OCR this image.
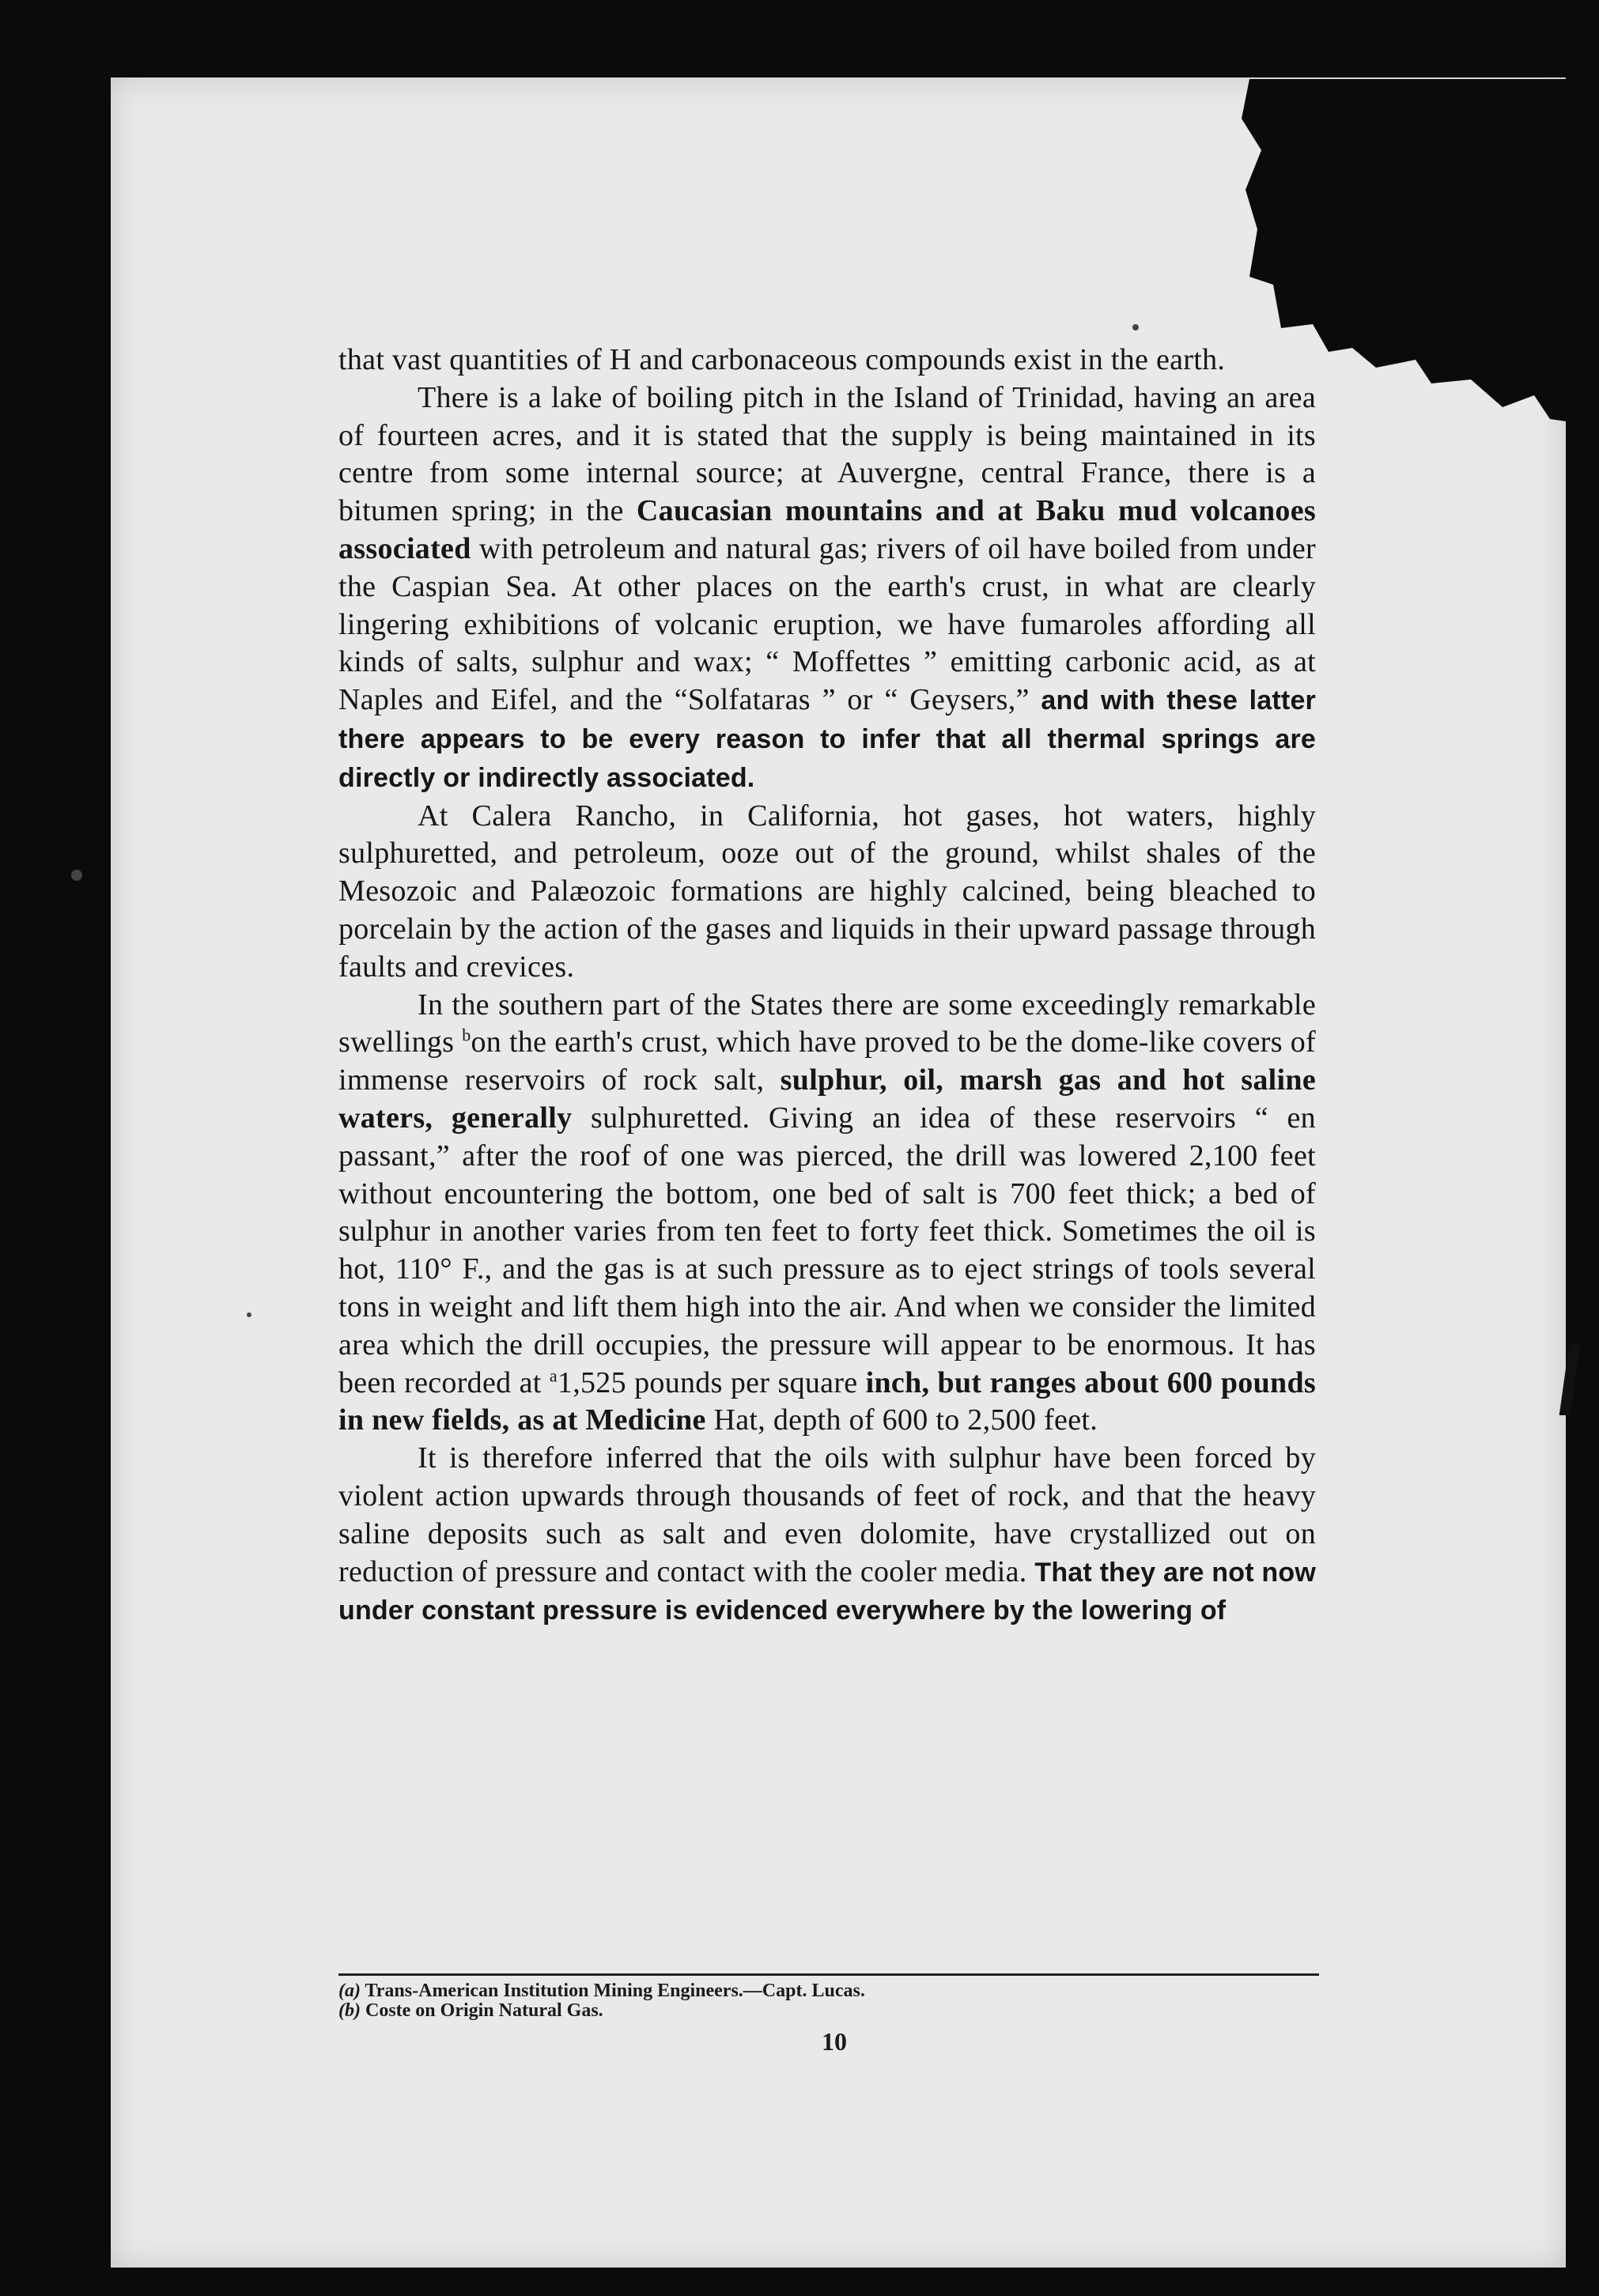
that vast quantities of H and carbonaceous compounds exist in the earth.

There is a lake of boiling pitch in the Island of Trinidad, having an area of fourteen acres, and it is stated that the supply is being maintained in its centre from some internal source; at Auvergne, central France, there is a bitumen spring; in the Caucasian mountains and at Baku mud volcanoes associated with petroleum and natural gas; rivers of oil have boiled from under the Caspian Sea. At other places on the earth's crust, in what are clearly lingering exhibitions of volcanic eruption, we have fumaroles affording all kinds of salts, sulphur and wax; “ Moffettes ” emitting carbonic acid, as at Naples and Eifel, and the “Solfataras ” or “ Geysers,” and with these latter there appears to be every reason to infer that all thermal springs are directly or indirectly associated.

At Calera Rancho, in California, hot gases, hot waters, highly sulphuretted, and petroleum, ooze out of the ground, whilst shales of the Mesozoic and Palæozoic formations are highly calcined, being bleached to porcelain by the action of the gases and liquids in their upward passage through faults and crevices.

In the southern part of the States there are some exceedingly remarkable swellings $^b$on the earth's crust, which have proved to be the dome-like covers of immense reservoirs of rock salt, sulphur, oil, marsh gas and hot saline waters, generally sulphuretted. Giving an idea of these reservoirs “ en passant,” after the roof of one was pierced, the drill was lowered 2,100 feet without encountering the bottom, one bed of salt is 700 feet thick; a bed of sulphur in another varies from ten feet to forty feet thick. Sometimes the oil is hot, 110° F., and the gas is at such pressure as to eject strings of tools several tons in weight and lift them high into the air. And when we consider the limited area which the drill occupies, the pressure will appear to be enormous. It has been recorded at $^a$1,525 pounds per square inch, but ranges about 600 pounds in new fields, as at Medicine Hat, depth of 600 to 2,500 feet.

It is therefore inferred that the oils with sulphur have been forced by violent action upwards through thousands of feet of rock, and that the heavy saline deposits such as salt and even dolomite, have crystallized out on reduction of pressure and contact with the cooler media. That they are not now under constant pressure is evidenced everywhere by the lowering of

(a) Trans-American Institution Mining Engineers.—Capt. Lucas.
(b) Coste on Origin Natural Gas.
10
